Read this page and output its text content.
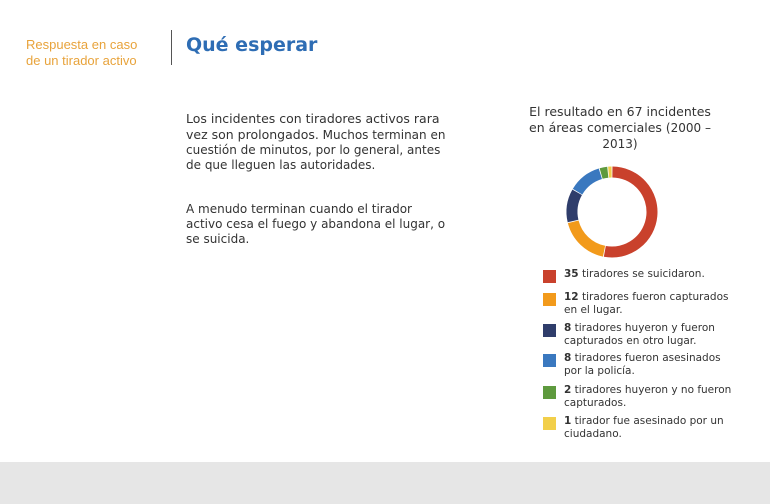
Respuesta en caso de un tirador activo
Qué esperar
Los incidentes con tiradores activos rara vez son prolongados. Muchos terminan en cuestión de minutos, por lo general, antes de que lleguen las autoridades.
A menudo terminan cuando el tirador activo cesa el fuego y abandona el lugar, o se suicida.
El resultado en 67 incidentes en áreas comerciales (2000 – 2013)
35 tiradores se suicidaron.
12 tiradores fueron capturados en el lugar.
8 tiradores huyeron y fueron capturados en otro lugar.
8 tiradores fueron asesinados por la policía.
2 tiradores huyeron y no fueron capturados.
1 tirador fue asesinado por un ciudadano.
